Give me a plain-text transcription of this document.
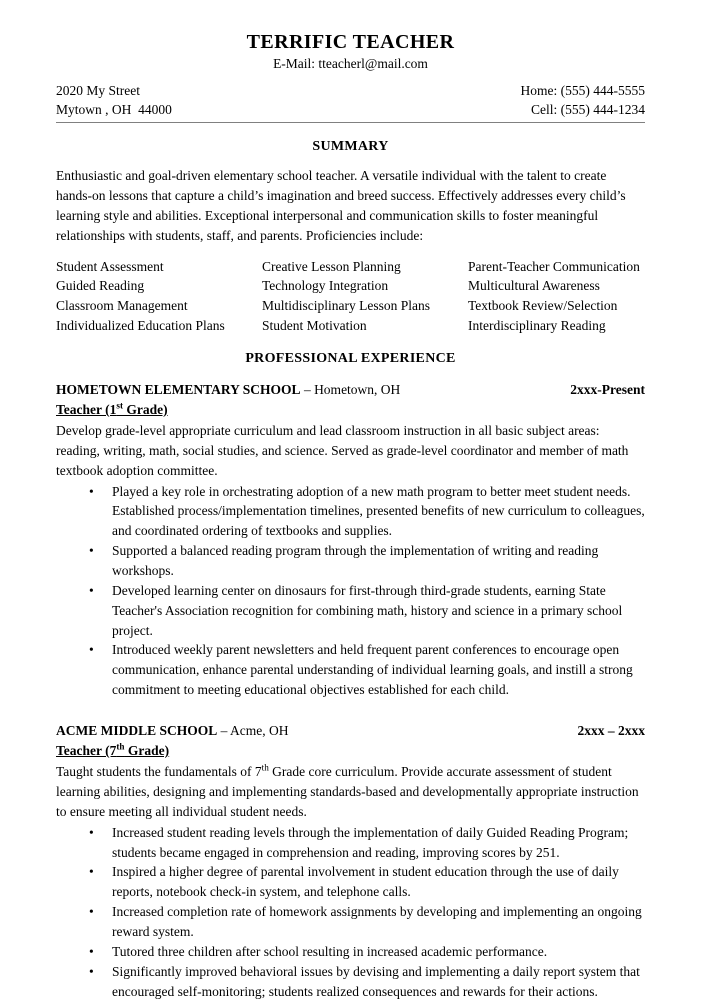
TERRIFIC TEACHER
E-Mail: tteacherl@mail.com
2020 My Street	Home: (555) 444-5555
Mytown , OH  44000	Cell: (555) 444-1234
SUMMARY

Enthusiastic and goal-driven elementary school teacher. A versatile individual with the talent to create hands-on lessons that capture a child’s imagination and breed success. Effectively addresses every child’s learning style and abilities. Exceptional interpersonal and communication skills to foster meaningful relationships with students, staff, and parents. Proficiencies include:

Student Assessment	Creative Lesson Planning	Parent-Teacher Communication
Guided Reading	Technology Integration	Multicultural Awareness
Classroom Management	Multidisciplinary Lesson Plans	Textbook Review/Selection
Individualized Education Plans	Student Motivation	Interdisciplinary Reading
PROFESSIONAL EXPERIENCE
HOMETOWN ELEMENTARY SCHOOL – Hometown, OH	2xxx-Present
Teacher (1st Grade)

Develop grade-level appropriate curriculum and lead classroom instruction in all basic subject areas: reading, writing, math, social studies, and science. Served as grade-level coordinator and member of math textbook adoption committee.

• Played a key role in orchestrating adoption of a new math program to better meet student needs. Established process/implementation timelines, presented benefits of new curriculum to colleagues, and coordinated ordering of textbooks and supplies.
• Supported a balanced reading program through the implementation of writing and reading workshops.
• Developed learning center on dinosaurs for first-through third-grade students, earning State Teacher's Association recognition for combining math, history and science in a primary school project.
• Introduced weekly parent newsletters and held frequent parent conferences to encourage open communication, enhance parental understanding of individual learning goals, and instill a strong commitment to meeting educational objectives established for each child.
ACME MIDDLE SCHOOL – Acme, OH	2xxx – 2xxx
Teacher (7th Grade)

Taught students the fundamentals of 7th Grade core curriculum. Provide accurate assessment of student learning abilities, designing and implementing standards-based and developmentally appropriate instruction to ensure meeting all individual student needs.

• Increased student reading levels through the implementation of daily Guided Reading Program; students became engaged in comprehension and reading, improving scores by 251.
• Inspired a higher degree of parental involvement in student education through the use of daily reports, notebook check-in system, and telephone calls.
• Increased completion rate of homework assignments by developing and implementing an ongoing reward system.
• Tutored three children after school resulting in increased academic performance.
• Significantly improved behavioral issues by devising and implementing a daily report system that encouraged self-monitoring; students realized consequences and rewards for their actions.
